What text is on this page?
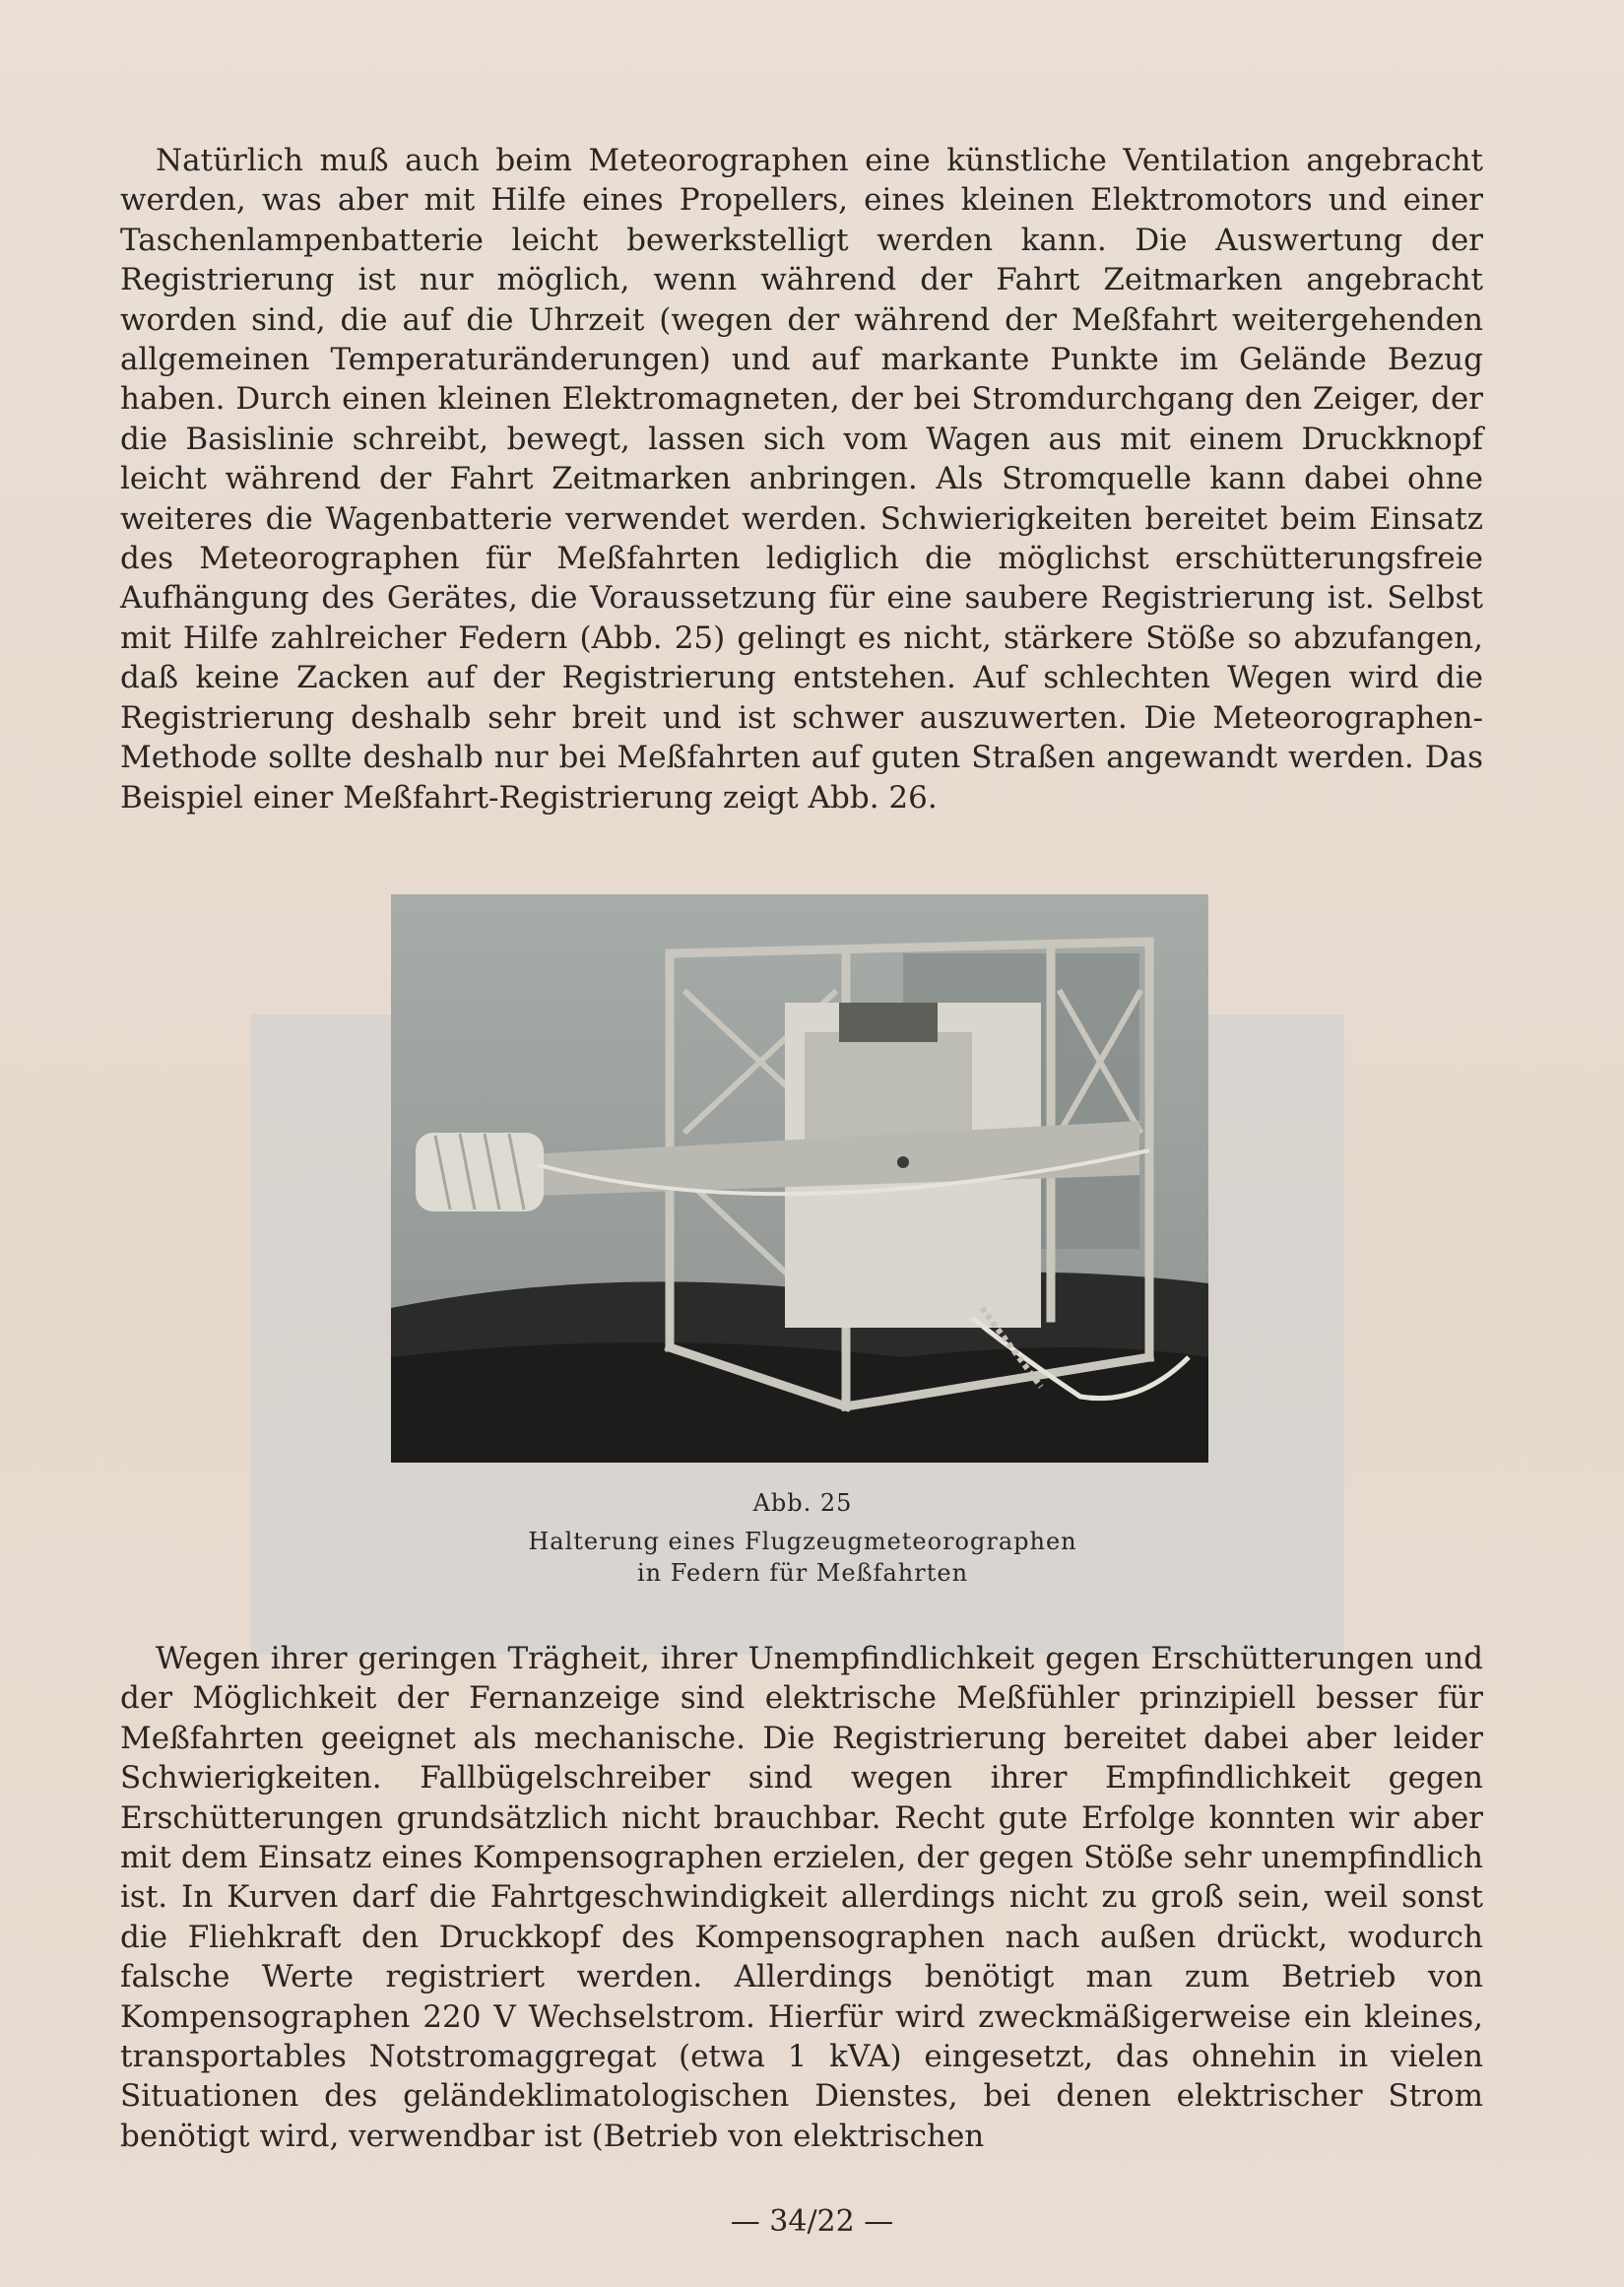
Natürlich muß auch beim Meteorographen eine künstliche Ventilation angebracht werden, was aber mit Hilfe eines Propellers, eines kleinen Elektromotors und einer Taschenlampenbatterie leicht bewerkstelligt werden kann. Die Auswertung der Registrierung ist nur möglich, wenn während der Fahrt Zeitmarken angebracht worden sind, die auf die Uhrzeit (wegen der während der Meßfahrt weitergehenden allgemeinen Temperaturänderungen) und auf markante Punkte im Gelände Bezug haben. Durch einen kleinen Elektromagneten, der bei Stromdurchgang den Zeiger, der die Basislinie schreibt, bewegt, lassen sich vom Wagen aus mit einem Druckknopf leicht während der Fahrt Zeitmarken anbringen. Als Stromquelle kann dabei ohne weiteres die Wagenbatterie verwendet werden. Schwierigkeiten bereitet beim Einsatz des Meteorographen für Meßfahrten lediglich die möglichst erschütterungsfreie Aufhängung des Gerätes, die Voraussetzung für eine saubere Registrierung ist. Selbst mit Hilfe zahlreicher Federn (Abb. 25) gelingt es nicht, stärkere Stöße so abzufangen, daß keine Zacken auf der Registrierung entstehen. Auf schlechten Wegen wird die Registrierung deshalb sehr breit und ist schwer auszuwerten. Die Meteorographen-Methode sollte deshalb nur bei Meßfahrten auf guten Straßen angewandt werden. Das Beispiel einer Meßfahrt-Registrierung zeigt Abb. 26.

Abb. 25

Halterung eines Flugzeugmeteorographen
in Federn für Meßfahrten

Wegen ihrer geringen Trägheit, ihrer Unempfindlichkeit gegen Erschütterungen und der Möglichkeit der Fernanzeige sind elektrische Meßfühler prinzipiell besser für Meßfahrten geeignet als mechanische. Die Registrierung bereitet dabei aber leider Schwierigkeiten. Fallbügelschreiber sind wegen ihrer Empfindlichkeit gegen Erschütterungen grundsätzlich nicht brauchbar. Recht gute Erfolge konnten wir aber mit dem Einsatz eines Kompensographen erzielen, der gegen Stöße sehr unempfindlich ist. In Kurven darf die Fahrtgeschwindigkeit allerdings nicht zu groß sein, weil sonst die Fliehkraft den Druckkopf des Kompensographen nach außen drückt, wodurch falsche Werte registriert werden. Allerdings benötigt man zum Betrieb von Kompensographen 220 V Wechselstrom. Hierfür wird zweckmäßigerweise ein kleines, transportables Notstromaggregat (etwa 1 kVA) eingesetzt, das ohnehin in vielen Situationen des geländeklimatologischen Dienstes, bei denen elektrischer Strom benötigt wird, verwendbar ist (Betrieb von elektrischen

— 34/22 —
